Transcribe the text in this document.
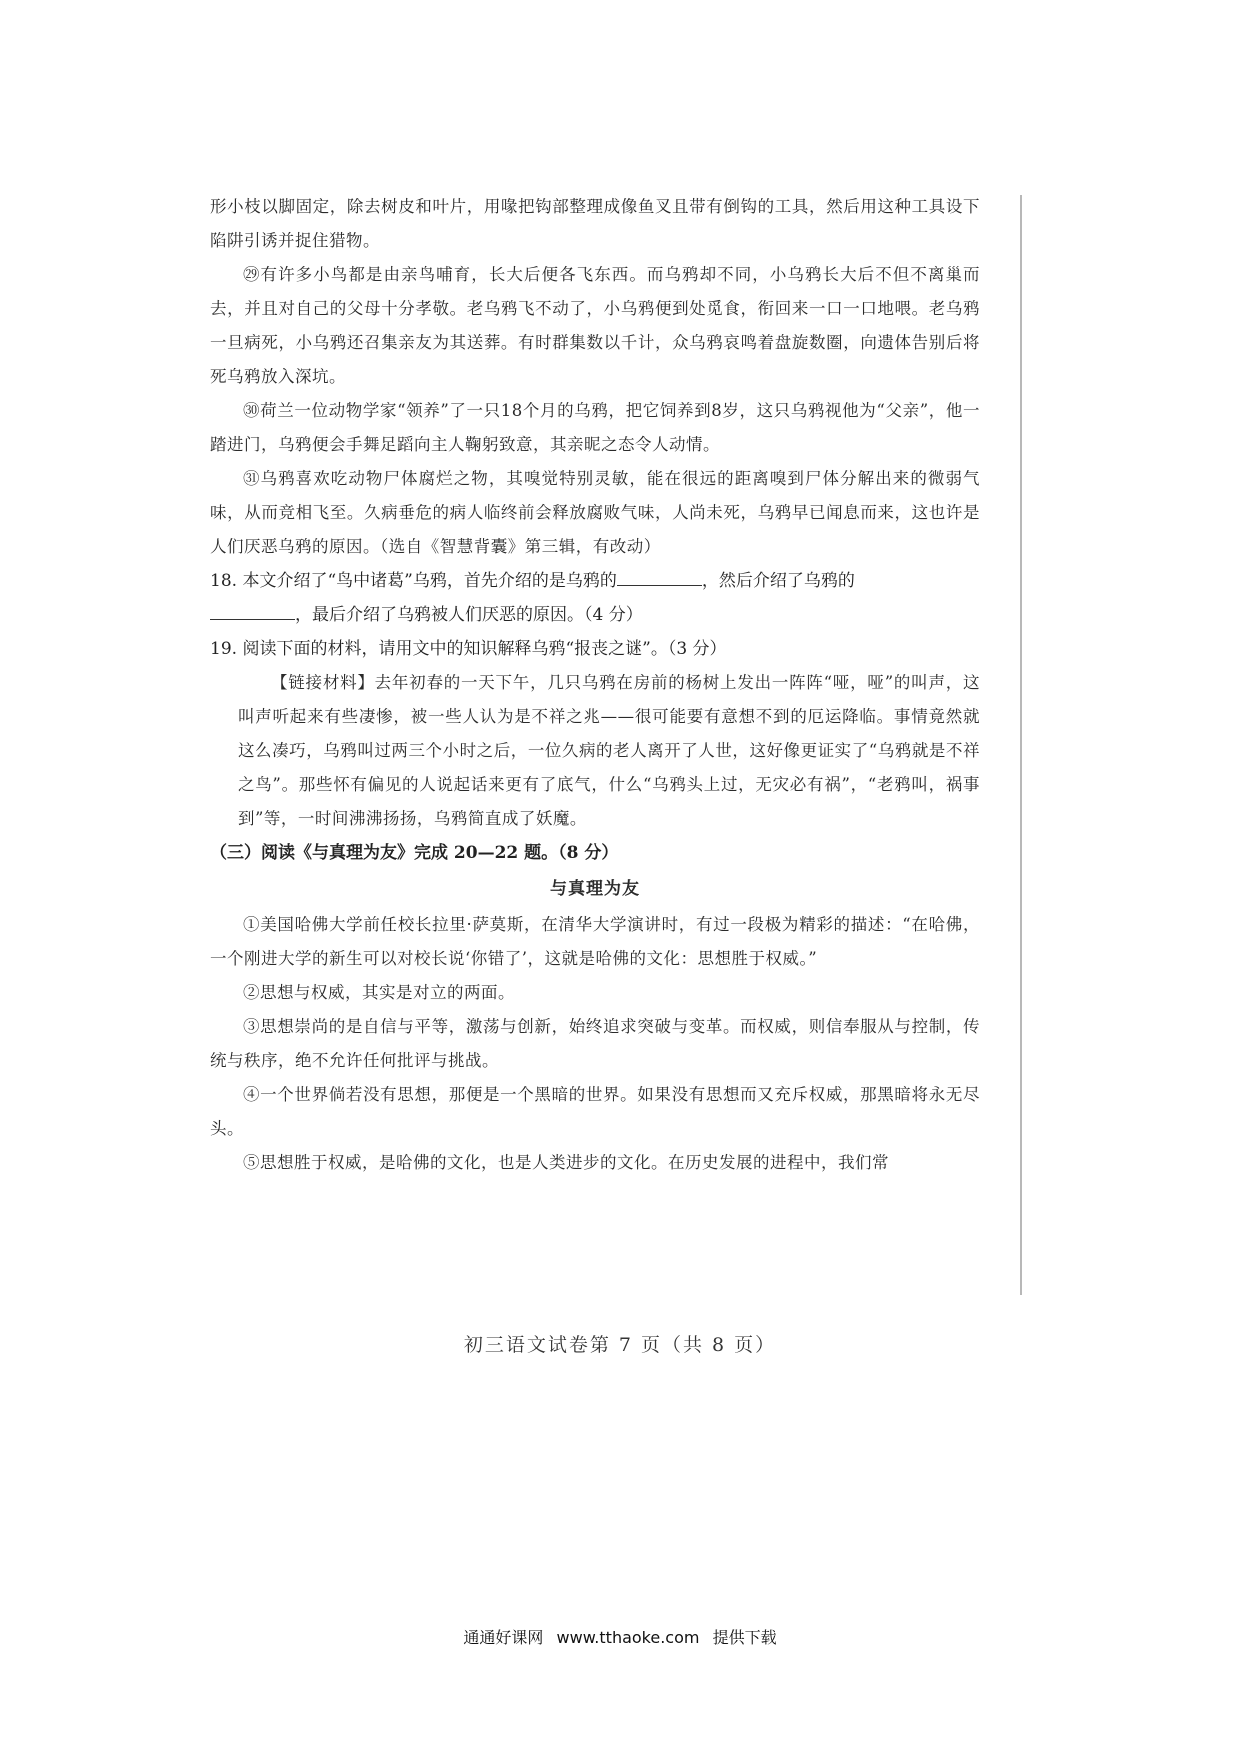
形小枝以脚固定，除去树皮和叶片，用喙把钩部整理成像鱼叉且带有倒钩的工具，然后用这种工具设下陷阱引诱并捉住猎物。

㉙有许多小鸟都是由亲鸟哺育，长大后便各飞东西。而乌鸦却不同，小乌鸦长大后不但不离巢而去，并且对自己的父母十分孝敬。老乌鸦飞不动了，小乌鸦便到处觅食，衔回来一口一口地喂。老乌鸦一旦病死，小乌鸦还召集亲友为其送葬。有时群集数以千计，众乌鸦哀鸣着盘旋数圈，向遗体告别后将死乌鸦放入深坑。

㉚荷兰一位动物学家“领养”了一只18个月的乌鸦，把它饲养到8岁，这只乌鸦视他为“父亲”，他一踏进门，乌鸦便会手舞足蹈向主人鞠躬致意，其亲昵之态令人动情。

㉛乌鸦喜欢吃动物尸体腐烂之物，其嗅觉特别灵敏，能在很远的距离嗅到尸体分解出来的微弱气味，从而竞相飞至。久病垂危的病人临终前会释放腐败气味，人尚未死，乌鸦早已闻息而来，这也许是人们厌恶乌鸦的原因。（选自《智慧背囊》第三辑，有改动）

18. 本文介绍了“鸟中诸葛”乌鸦，首先介绍的是乌鸦的	，然后介绍了乌鸦的
，最后介绍了乌鸦被人们厌恶的原因。（4 分）

19. 阅读下面的材料，请用文中的知识解释乌鸦“报丧之谜”。（3 分）

【链接材料】去年初春的一天下午，几只乌鸦在房前的杨树上发出一阵阵“哑，哑”的叫声，这叫声听起来有些凄惨，被一些人认为是不祥之兆——很可能要有意想不到的厄运降临。事情竟然就这么凑巧，乌鸦叫过两三个小时之后，一位久病的老人离开了人世，这好像更证实了“乌鸦就是不祥之鸟”。那些怀有偏见的人说起话来更有了底气，什么“乌鸦头上过，无灾必有祸”，“老鸦叫，祸事到”等，一时间沸沸扬扬，乌鸦简直成了妖魔。

（三）阅读《与真理为友》完成 20—22 题。（8 分）

与真理为友

①美国哈佛大学前任校长拉里·萨莫斯，在清华大学演讲时，有过一段极为精彩的描述：“在哈佛，一个刚进大学的新生可以对校长说‘你错了’，这就是哈佛的文化：思想胜于权威。”

②思想与权威，其实是对立的两面。

③思想崇尚的是自信与平等，激荡与创新，始终追求突破与变革。而权威，则信奉服从与控制，传统与秩序，绝不允许任何批评与挑战。

④一个世界倘若没有思想，那便是一个黑暗的世界。如果没有思想而又充斥权威，那黑暗将永无尽头。

⑤思想胜于权威，是哈佛的文化，也是人类进步的文化。在历史发展的进程中，我们常

初三语文试卷第 7 页（共 8 页）
通通好课网 www.tthaoke.com 提供下载
